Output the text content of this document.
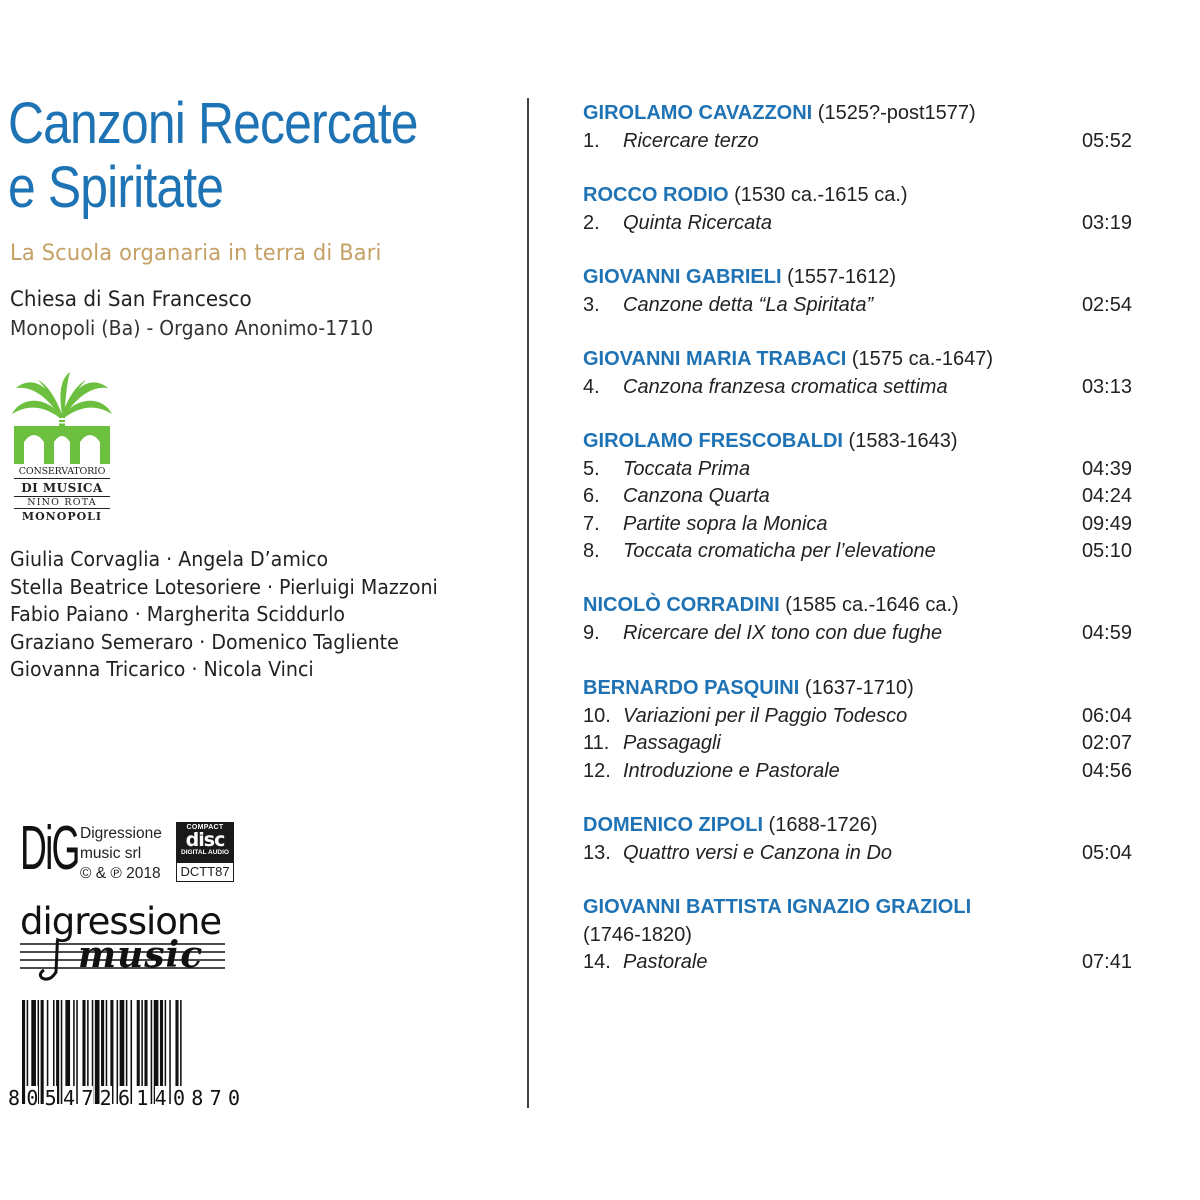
Canzoni Recercate
e Spiritate
La Scuola organaria in terra di Bari
Chiesa di San Francesco
Monopoli (Ba) - Organo Anonimo-1710
CONSERVATORIO
DI MUSICA
NINO ROTA
MONOPOLI
Giulia Corvaglia · Angela D’amico
Stella Beatrice Lotesoriere · Pierluigi Mazzoni
Fabio Paiano · Margherita Sciddurlo
Graziano Semeraro · Domenico Tagliente
Giovanna Tricarico · Nicola Vinci
DiG Digressione
music srl
© & ℗ 2018
COMPACT
disc
DIGITAL AUDIO
DCTT87
digressione
music
8 0 5 4 7 2 6 1 4 0 8 7 0
GIROLAMO CAVAZZONI (1525?-post1577)
1. Ricercare terzo	05:52
ROCCO RODIO (1530 ca.-1615 ca.)
2. Quinta Ricercata	03:19
GIOVANNI GABRIELI (1557-1612)
3. Canzone detta “La Spiritata”	02:54
GIOVANNI MARIA TRABACI (1575 ca.-1647)
4. Canzona franzesa cromatica settima	03:13
GIROLAMO FRESCOBALDI (1583-1643)
5. Toccata Prima	04:39
6. Canzona Quarta	04:24
7. Partite sopra la Monica	09:49
8. Toccata cromaticha per l’elevatione	05:10
NICOLÒ CORRADINI (1585 ca.-1646 ca.)
9. Ricercare del IX tono con due fughe	04:59
BERNARDO PASQUINI (1637-1710)
10. Variazioni per il Paggio Todesco	06:04
11. Passagagli	02:07
12. Introduzione e Pastorale	04:56
DOMENICO ZIPOLI (1688-1726)
13. Quattro versi e Canzona in Do	05:04
GIOVANNI BATTISTA IGNAZIO GRAZIOLI
(1746-1820)
14. Pastorale	07:41
